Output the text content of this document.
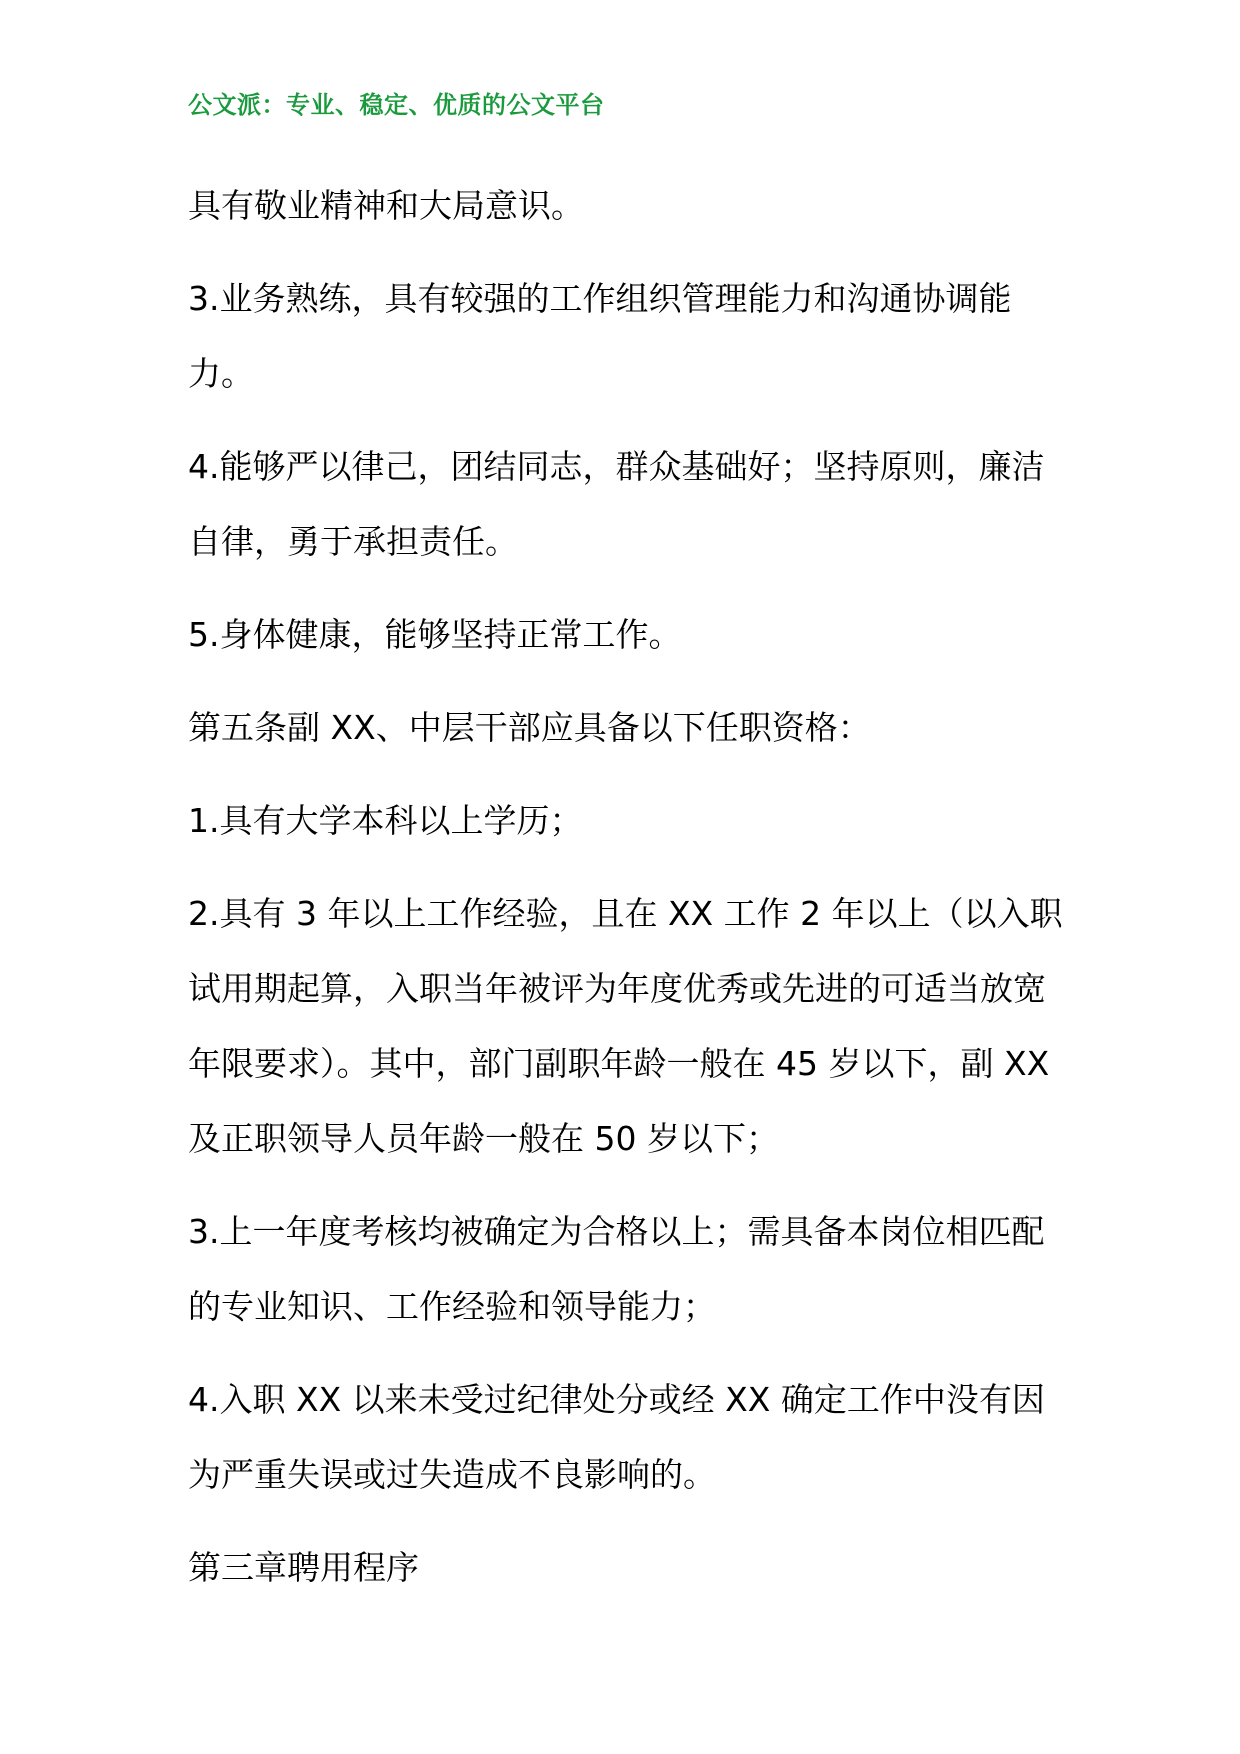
公文派：专业、稳定、优质的公文平台

具有敬业精神和大局意识。

3.业务熟练，具有较强的工作组织管理能力和沟通协调能力。

4.能够严以律己，团结同志，群众基础好；坚持原则，廉洁自律，勇于承担责任。

5.身体健康，能够坚持正常工作。

第五条副 XX、中层干部应具备以下任职资格：

1.具有大学本科以上学历；

2.具有 3 年以上工作经验，且在 XX 工作 2 年以上（以入职试用期起算，入职当年被评为年度优秀或先进的可适当放宽年限要求）。其中，部门副职年龄一般在 45 岁以下，副 XX 及正职领导人员年龄一般在 50 岁以下；

3.上一年度考核均被确定为合格以上；需具备本岗位相匹配的专业知识、工作经验和领导能力；

4.入职 XX 以来未受过纪律处分或经 XX 确定工作中没有因为严重失误或过失造成不良影响的。

第三章聘用程序
